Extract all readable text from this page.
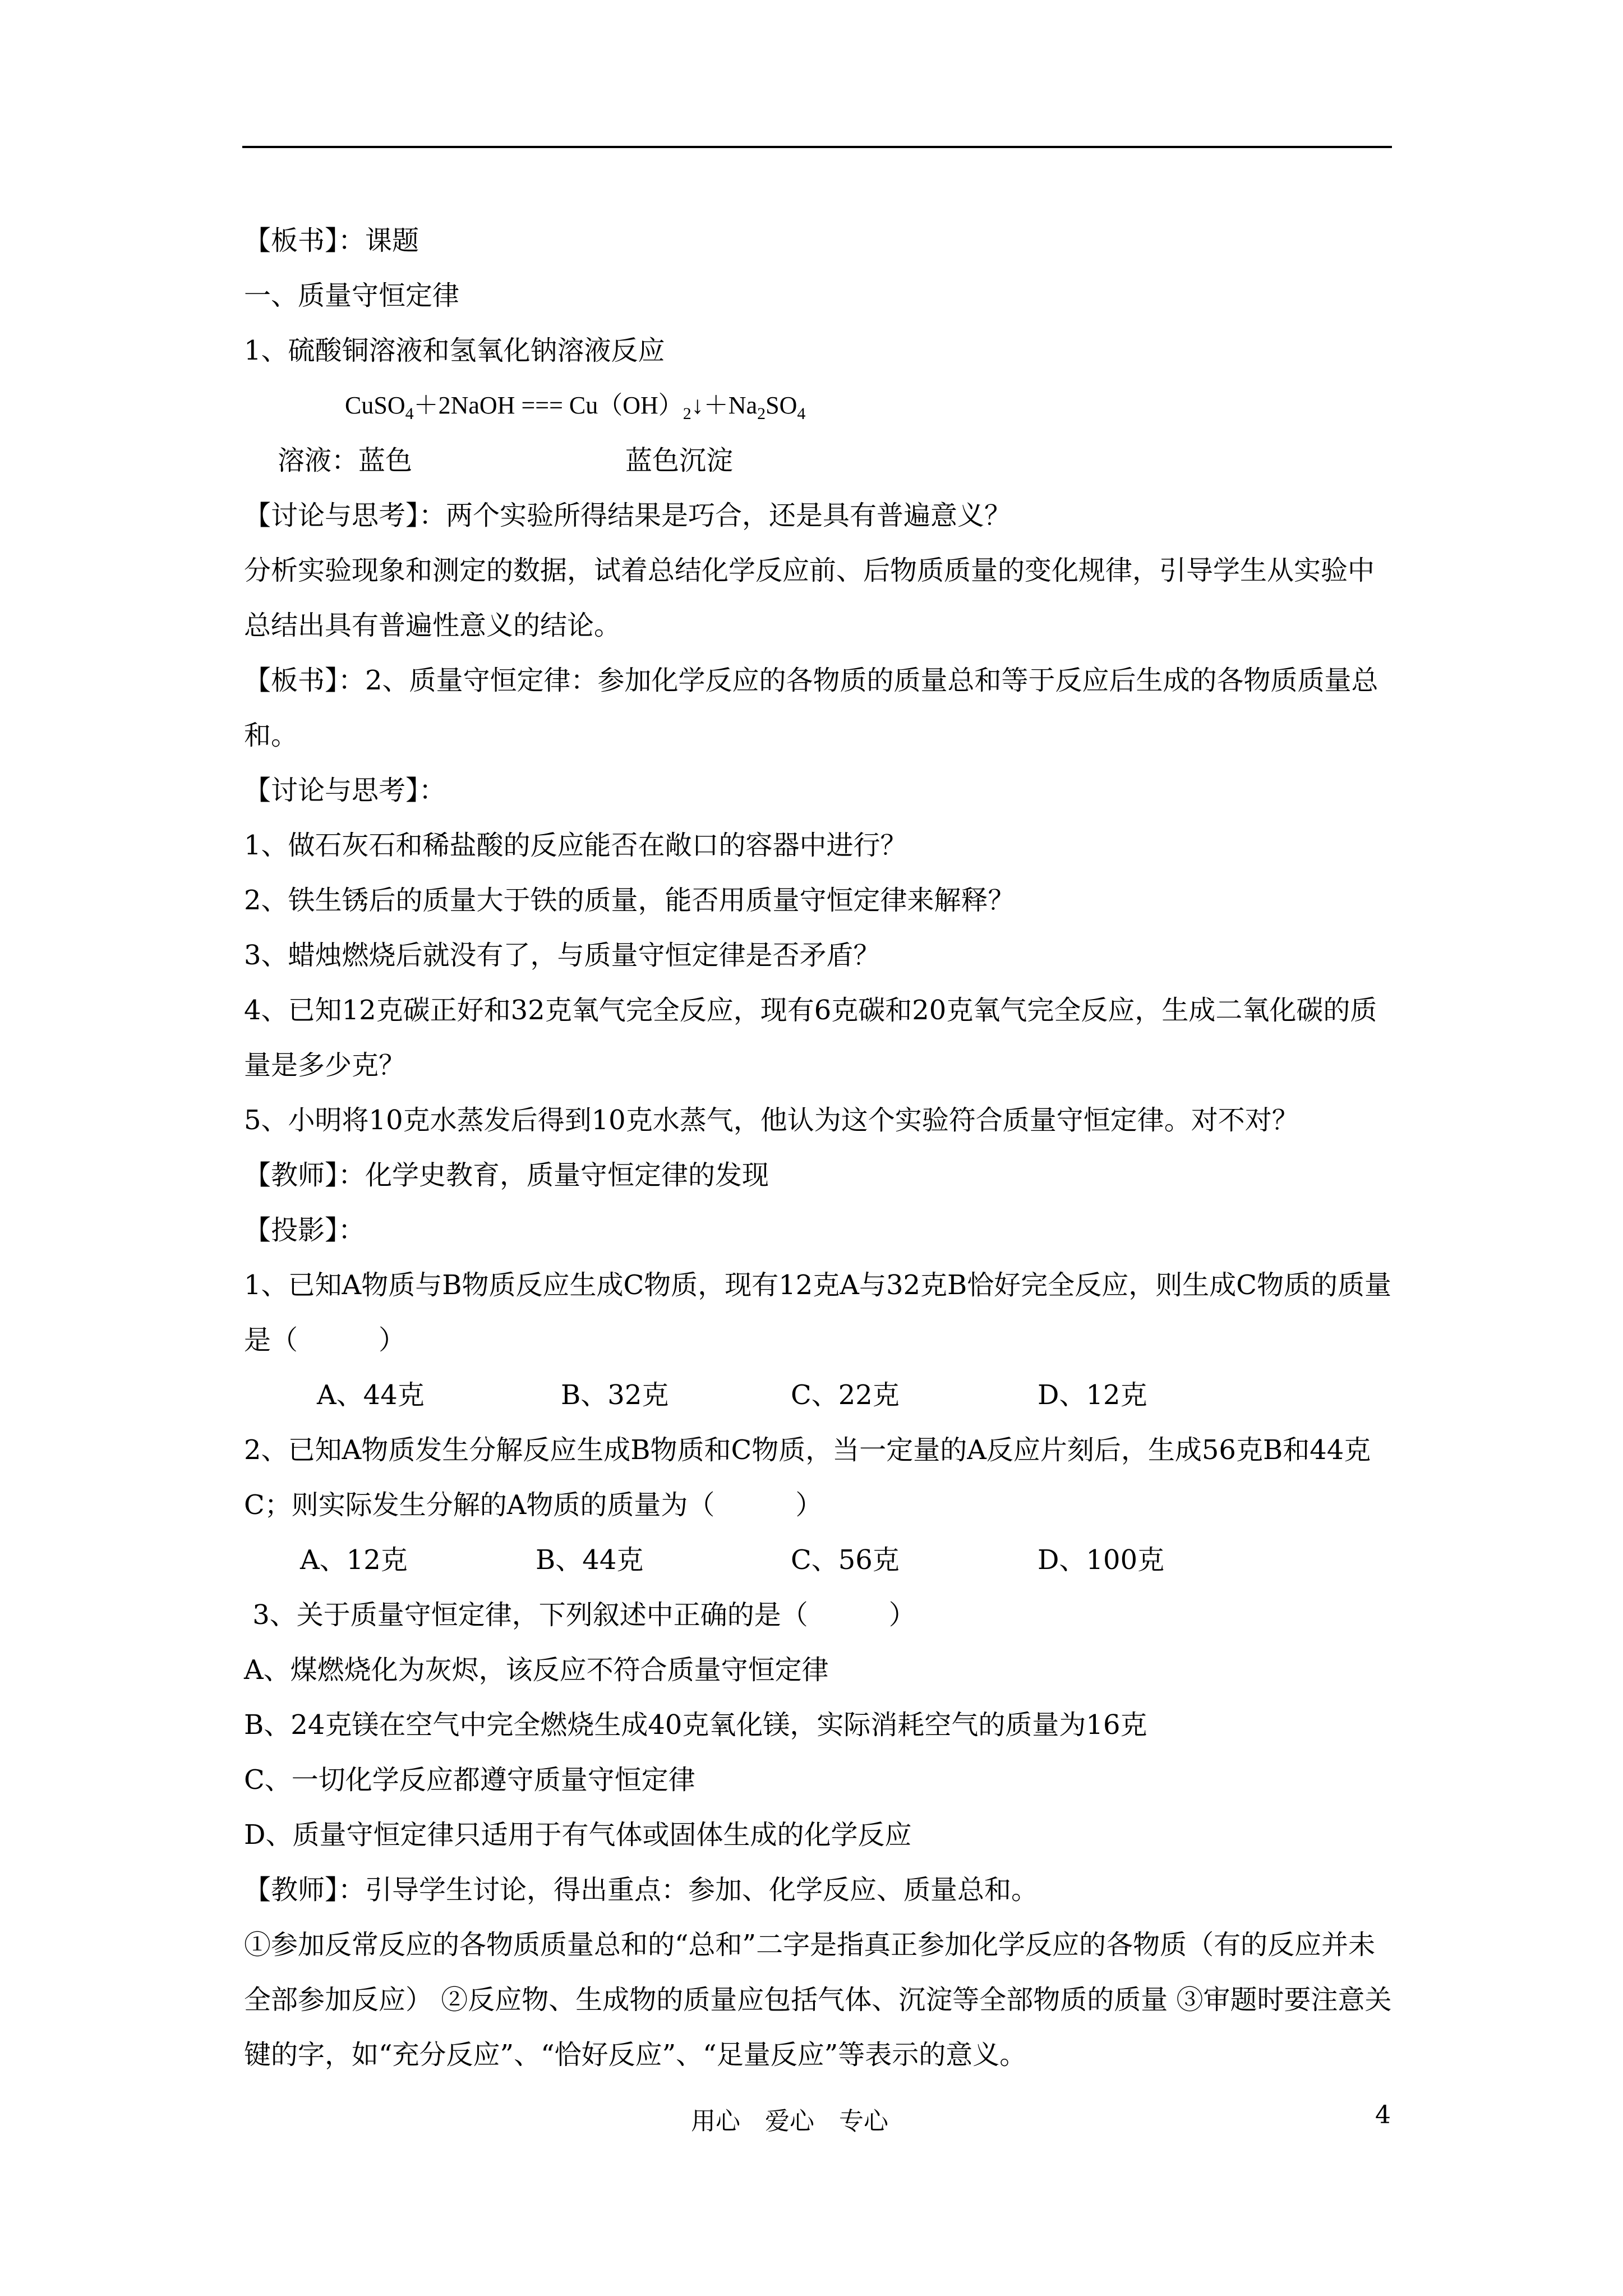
【板书】：课题
一、质量守恒定律
1、硫酸铜溶液和氢氧化钠溶液反应
CuSO$_4$＋2NaOH === $Cu(OH)_2↓+Na_2SO_4$
溶液：蓝色	蓝色沉淀
【讨论与思考】：两个实验所得结果是巧合，还是具有普遍意义？
分析实验现象和测定的数据，试着总结化学反应前、后物质质量的变化规律，引导学生从实验中总结出具有普遍性意义的结论。
【板书】：2、质量守恒定律：参加化学反应的各物质的质量总和等于反应后生成的各物质质量总和。
【讨论与思考】：
1、做石灰石和稀盐酸的反应能否在敞口的容器中进行？
2、铁生锈后的质量大于铁的质量，能否用质量守恒定律来解释？
3、蜡烛燃烧后就没有了，与质量守恒定律是否矛盾？
4、已知12克碳正好和32克氧气完全反应，现有6克碳和20克氧气完全反应，生成二氧化碳的质量是多少克？
5、小明将10克水蒸发后得到10克水蒸气，他认为这个实验符合质量守恒定律。对不对？
【教师】：化学史教育，质量守恒定律的发现
【投影】：
1、已知A物质与B物质反应生成C物质，现有12克A与32克B恰好完全反应，则生成C物质的质量是（　　　）
A、44克	B、32克	C、22克	D、12克
2、已知A物质发生分解反应生成B物质和C物质，当一定量的A反应片刻后，生成56克B和44克C；则实际发生分解的A物质的质量为（　　　）
A、12克	B、44克	C、56克	D、100克
3、关于质量守恒定律，下列叙述中正确的是（　　　）
A、煤燃烧化为灰烬，该反应不符合质量守恒定律
B、24克镁在空气中完全燃烧生成40克氧化镁，实际消耗空气的质量为16克
C、一切化学反应都遵守质量守恒定律
D、质量守恒定律只适用于有气体或固体生成的化学反应
【教师】：引导学生讨论，得出重点：参加、化学反应、质量总和。
①参加反常反应的各物质质量总和的“总和”二字是指真正参加化学反应的各物质（有的反应并未全部参加反应） ②反应物、生成物的质量应包括气体、沉淀等全部物质的质量 ③审题时要注意关键的字，如“充分反应”、“恰好反应”、“足量反应”等表示的意义。
用心　爱心　专心	4
